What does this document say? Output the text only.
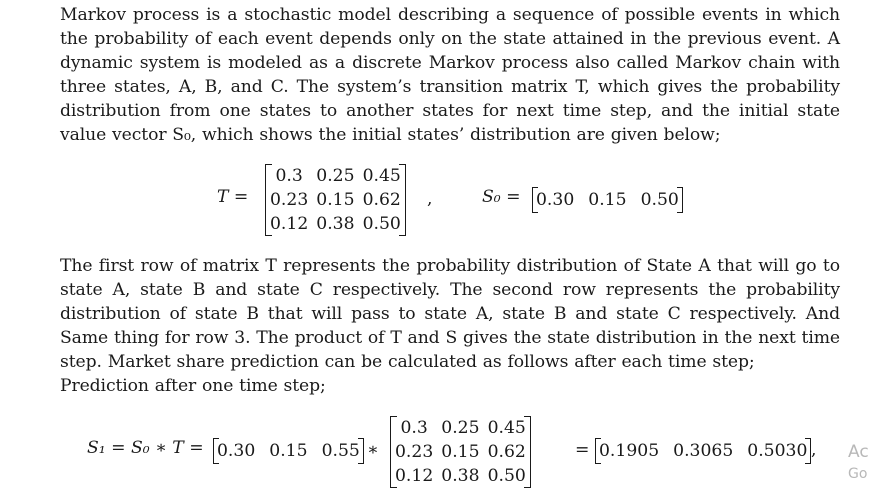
Markov process is a stochastic model describing a sequence of possible events in which the probability of each event depends only on the state attained in the previous event. A dynamic system is modeled as a discrete Markov process also called Markov chain with three states, A, B, and C. The system’s transition matrix T, which gives the probability distribution from one states to another states for next time step, and the initial state value vector S₀, which shows the initial states’ distribution are given below;
T =
0.3	0.25	0.45
0.23	0.15	0.62
0.12	0.38	0.50
,	S₀ = 0.30 0.15 0.50
The first row of matrix T represents the probability distribution of State A that will go to state A, state B and state C respectively. The second row represents the probability distribution of state B that will pass to state A, state B and state C respectively. And Same thing for row 3. The product of T and S gives the state distribution in the next time step. Market share prediction can be calculated as follows after each time step;
Prediction after one time step;
S₁ = S₀ ∗ T = 0.30 0.15 0.55 ∗
0.3	0.25	0.45
0.23	0.15	0.62
0.12	0.38	0.50
= 0.1905 0.3065 0.5030 , Ac
Go
